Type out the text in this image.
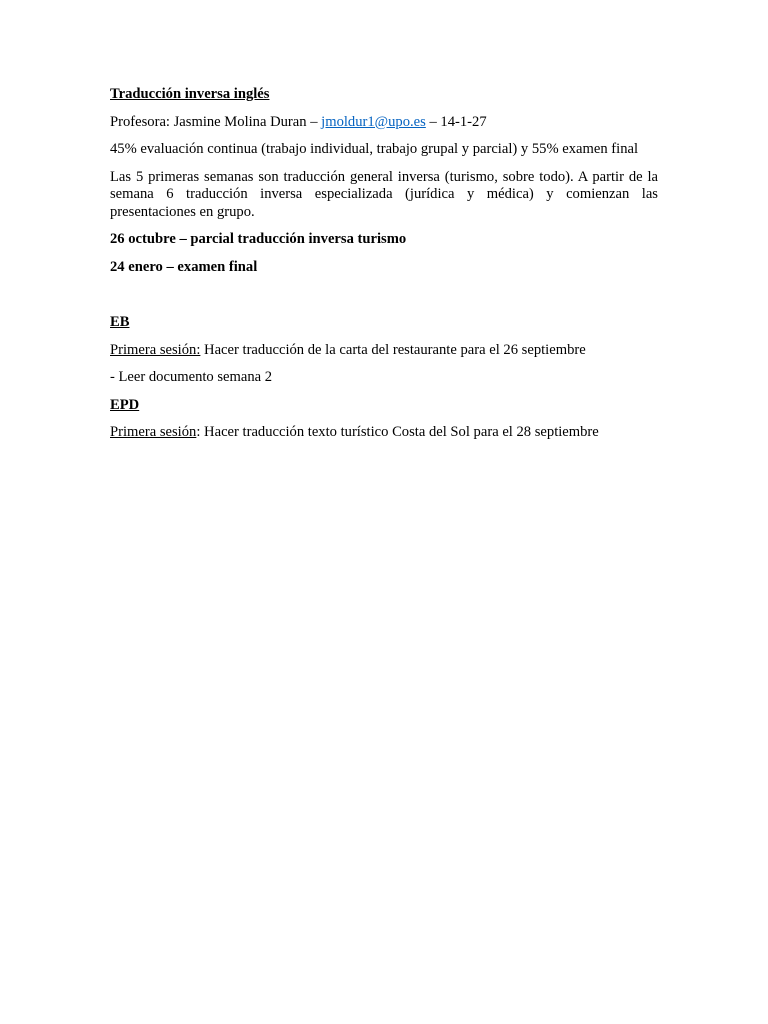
Traducción inversa inglés

Profesora: Jasmine Molina Duran – jmoldur1@upo.es – 14-1-27

45% evaluación continua (trabajo individual, trabajo grupal y parcial) y 55% examen final

Las 5 primeras semanas son traducción general inversa (turismo, sobre todo). A partir de la semana 6 traducción inversa especializada (jurídica y médica) y comienzan las presentaciones en grupo.

26 octubre – parcial traducción inversa turismo

24 enero – examen final

EB

Primera sesión: Hacer traducción de la carta del restaurante para el 26 septiembre

- Leer documento semana 2

EPD

Primera sesión: Hacer traducción texto turístico Costa del Sol para el 28 septiembre
